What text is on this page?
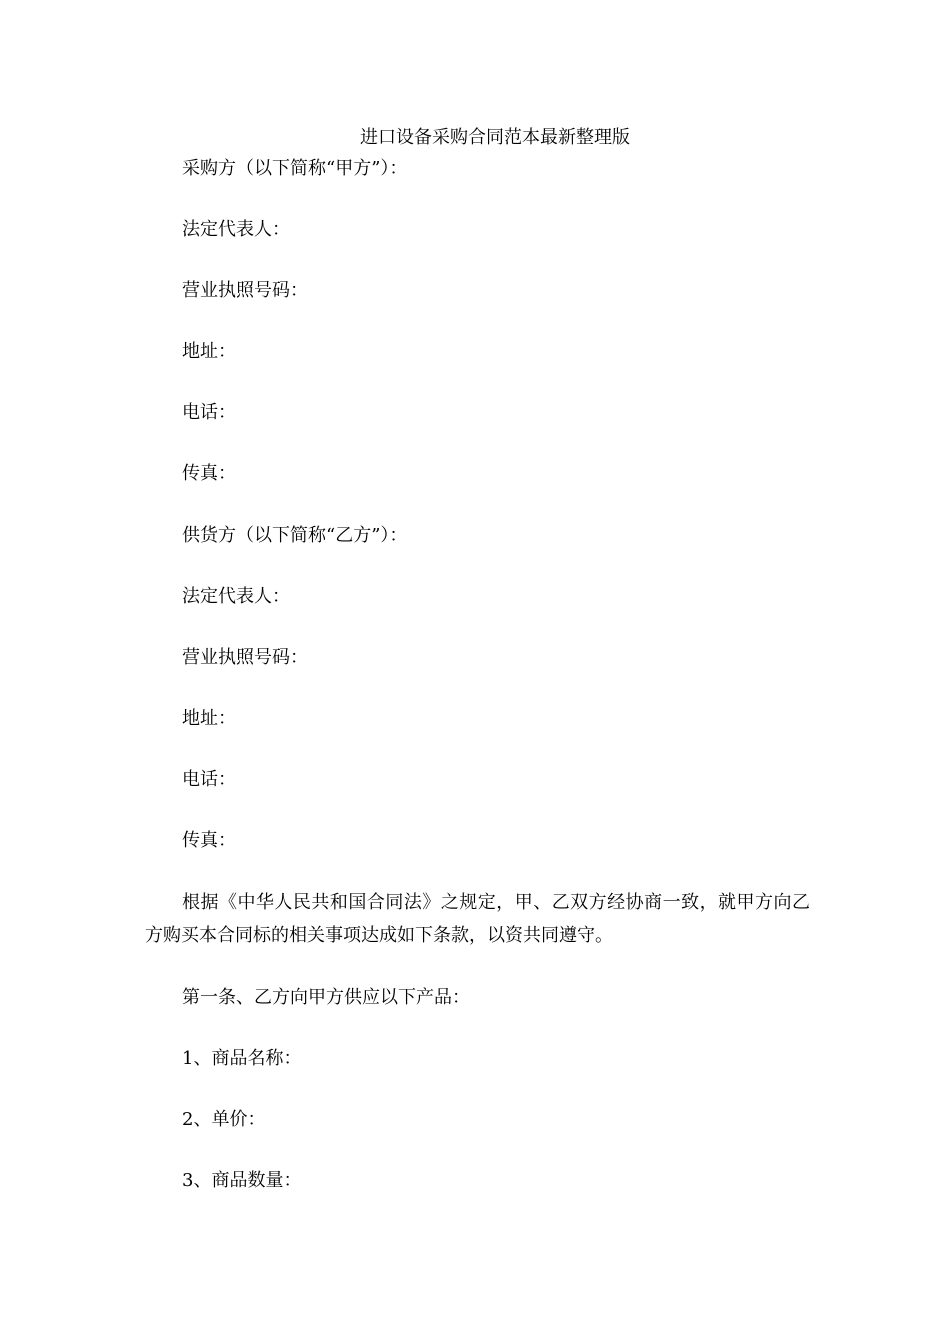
进口设备采购合同范本最新整理版
采购方（以下简称“甲方”）：
法定代表人：
营业执照号码：
地址：
电话：
传真：
供货方（以下简称“乙方”）：
法定代表人：
营业执照号码：
地址：
电话：
传真：
根据《中华人民共和国合同法》之规定，甲、乙双方经协商一致，就甲方向乙方购买本合同标的相关事项达成如下条款，以资共同遵守。
第一条、乙方向甲方供应以下产品：
1、商品名称：
2、单价：
3、商品数量：
